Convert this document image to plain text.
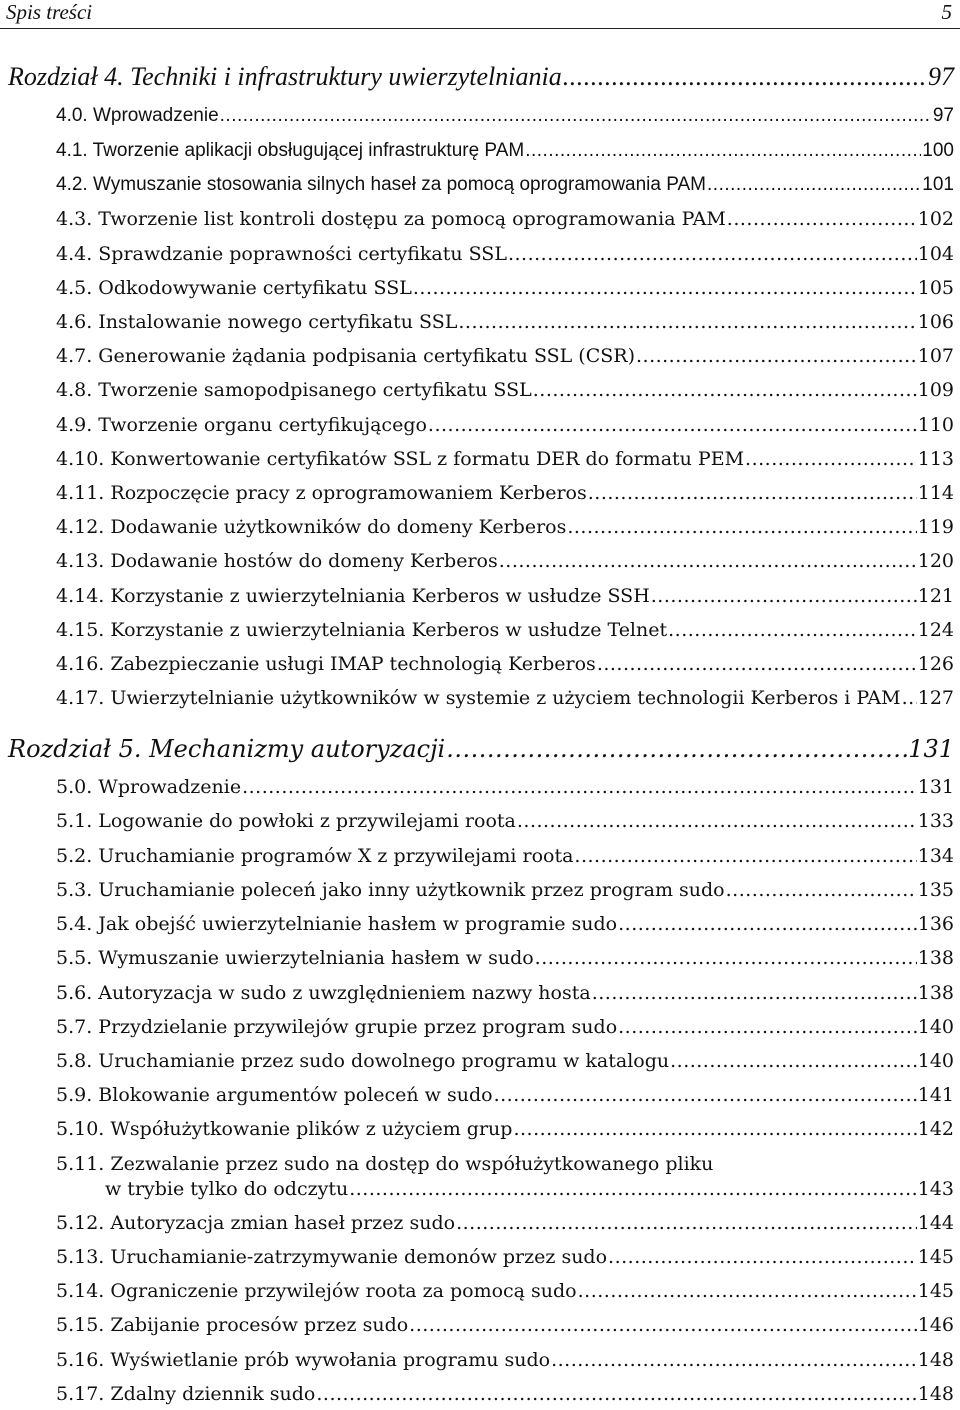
Spis treści	5
Rozdział 4. Techniki i infrastruktury uwierzytelniania .....	97
4.0. Wprowadzenie .....	97
4.1. Tworzenie aplikacji obsługującej infrastrukturę PAM .....	100
4.2. Wymuszanie stosowania silnych haseł za pomocą oprogramowania PAM .....	101
4.3. Tworzenie list kontroli dostępu za pomocą oprogramowania PAM .....	102
4.4. Sprawdzanie poprawności certyfikatu SSL .....	104
4.5. Odkodowywanie certyfikatu SSL .....	105
4.6. Instalowanie nowego certyfikatu SSL .....	106
4.7. Generowanie żądania podpisania certyfikatu SSL (CSR) .....	107
4.8. Tworzenie samopodpisanego certyfikatu SSL .....	109
4.9. Tworzenie organu certyfikującego .....	110
4.10. Konwertowanie certyfikatów SSL z formatu DER do formatu PEM .....	113
4.11. Rozpoczęcie pracy z oprogramowaniem Kerberos .....	114
4.12. Dodawanie użytkowników do domeny Kerberos .....	119
4.13. Dodawanie hostów do domeny Kerberos .....	120
4.14. Korzystanie z uwierzytelniania Kerberos w usłudze SSH .....	121
4.15. Korzystanie z uwierzytelniania Kerberos w usłudze Telnet .....	124
4.16. Zabezpieczanie usługi IMAP technologią Kerberos .....	126
4.17. Uwierzytelnianie użytkowników w systemie z użyciem technologii Kerberos i PAM ..... 127
Rozdział 5. Mechanizmy autoryzacji .....	131
5.0. Wprowadzenie .....	131
5.1. Logowanie do powłoki z przywilejami roota .....	133
5.2. Uruchamianie programów X z przywilejami roota .....	134
5.3. Uruchamianie poleceń jako inny użytkownik przez program sudo .....	135
5.4. Jak obejść uwierzytelnianie hasłem w programie sudo .....	136
5.5. Wymuszanie uwierzytelniania hasłem w sudo .....	138
5.6. Autoryzacja w sudo z uwzględnieniem nazwy hosta .....	138
5.7. Przydzielanie przywilejów grupie przez program sudo .....	140
5.8. Uruchamianie przez sudo dowolnego programu w katalogu .....	140
5.9. Blokowanie argumentów poleceń w sudo .....	141
5.10. Współużytkowanie plików z użyciem grup .....	142
5.11. Zezwalanie przez sudo na dostęp do współużytkowanego pliku
w trybie tylko do odczytu .....	143
5.12. Autoryzacja zmian haseł przez sudo .....	144
5.13. Uruchamianie-zatrzymywanie demonów przez sudo .....	145
5.14. Ograniczenie przywilejów roota za pomocą sudo .....	145
5.15. Zabijanie procesów przez sudo .....	146
5.16. Wyświetlanie prób wywołania programu sudo .....	148
5.17. Zdalny dziennik sudo .....	148
